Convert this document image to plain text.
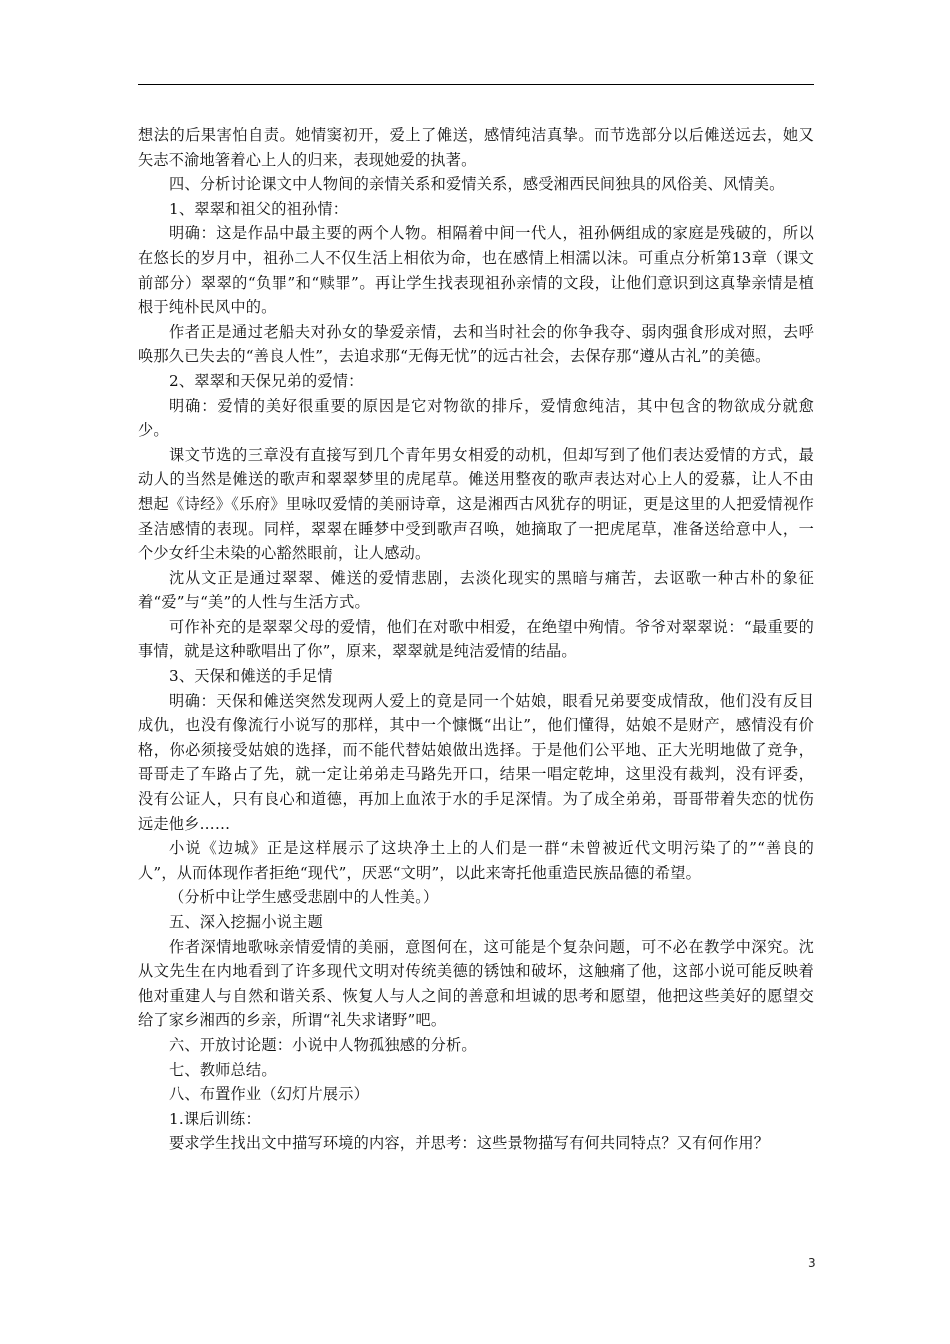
想法的后果害怕自责。她情窦初开，爱上了傩送，感情纯洁真挚。而节选部分以后傩送远去，她又矢志不渝地箸着心上人的归来，表现她爱的执著。

四、分析讨论课文中人物间的亲情关系和爱情关系，感受湘西民间独具的风俗美、风情美。

1、翠翠和祖父的祖孙情：

明确：这是作品中最主要的两个人物。相隔着中间一代人，祖孙俩组成的家庭是残破的，所以在悠长的岁月中，祖孙二人不仅生活上相依为命，也在感情上相濡以沫。可重点分析第13章（课文前部分）翠翠的“负罪”和“赎罪”。再让学生找表现祖孙亲情的文段，让他们意识到这真挚亲情是植根于纯朴民风中的。

作者正是通过老船夫对孙女的挚爱亲情，去和当时社会的你争我夺、弱肉强食形成对照，去呼唤那久已失去的“善良人性”，去追求那“无侮无忧”的远古社会，去保存那“遵从古礼”的美德。

2、翠翠和天保兄弟的爱情：

明确：爱情的美好很重要的原因是它对物欲的排斥，爱情愈纯洁，其中包含的物欲成分就愈少。

课文节选的三章没有直接写到几个青年男女相爱的动机，但却写到了他们表达爱情的方式，最动人的当然是傩送的歌声和翠翠梦里的虎尾草。傩送用整夜的歌声表达对心上人的爱慕，让人不由想起《诗经》《乐府》里咏叹爱情的美丽诗章，这是湘西古风犹存的明证，更是这里的人把爱情视作圣洁感情的表现。同样，翠翠在睡梦中受到歌声召唤，她摘取了一把虎尾草，准备送给意中人，一个少女纤尘未染的心豁然眼前，让人感动。

沈从文正是通过翠翠、傩送的爱情悲剧，去淡化现实的黑暗与痛苦，去讴歌一种古朴的象征着“爱”与“美”的人性与生活方式。

可作补充的是翠翠父母的爱情，他们在对歌中相爱，在绝望中殉情。爷爷对翠翠说：“最重要的事情，就是这种歌唱出了你”，原来，翠翠就是纯洁爱情的结晶。

3、天保和傩送的手足情

明确：天保和傩送突然发现两人爱上的竟是同一个姑娘，眼看兄弟要变成情敌，他们没有反目成仇，也没有像流行小说写的那样，其中一个慷慨“出让”，他们懂得，姑娘不是财产，感情没有价格，你必须接受姑娘的选择，而不能代替姑娘做出选择。于是他们公平地、正大光明地做了竞争，哥哥走了车路占了先，就一定让弟弟走马路先开口，结果一唱定乾坤，这里没有裁判，没有评委，没有公证人，只有良心和道德，再加上血浓于水的手足深情。为了成全弟弟，哥哥带着失恋的忧伤远走他乡……

小说《边城》正是这样展示了这块净土上的人们是一群“未曾被近代文明污染了的”“善良的人”，从而体现作者拒绝“现代”，厌恶“文明”，以此来寄托他重造民族品德的希望。

（分析中让学生感受悲剧中的人性美。）

五、深入挖掘小说主题

作者深情地歌咏亲情爱情的美丽，意图何在，这可能是个复杂问题，可不必在教学中深究。沈从文先生在内地看到了许多现代文明对传统美德的锈蚀和破坏，这触痛了他，这部小说可能反映着他对重建人与自然和谐关系、恢复人与人之间的善意和坦诚的思考和愿望，他把这些美好的愿望交给了家乡湘西的乡亲，所谓“礼失求诸野”吧。

六、开放讨论题：小说中人物孤独感的分析。

七、教师总结。

八、布置作业（幻灯片展示）

1.课后训练：

要求学生找出文中描写环境的内容，并思考：这些景物描写有何共同特点？又有何作用？

3
